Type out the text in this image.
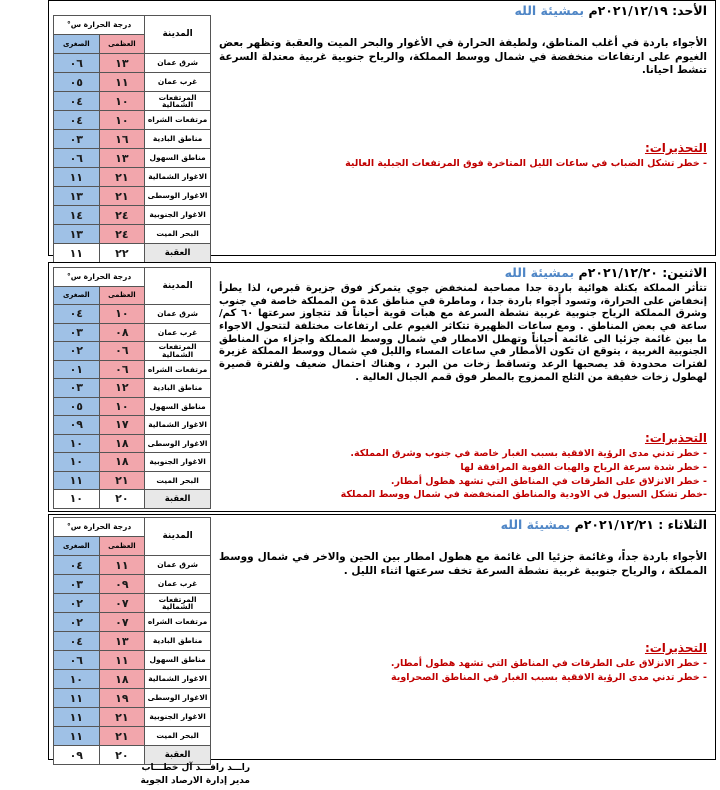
المدينة	درجة الحرارة س°	
	العظمى	الصغرى
شرق عمان	١٣	٠٦
غرب عمان	١١	٠٥
المرتفعات الشمالية	١٠	٠٤
مرتفعات الشراه	١٠	٠٤
مناطق البادية	١٦	٠٣
مناطق السهول	١٣	٠٦
الاغوار الشمالية	٢١	١١
الاغوار الوسطى	٢١	١٣
الاغوار الجنوبية	٢٤	١٤
البحر الميت	٢٤	١٣
العقبة	٢٢	١١
الأحد: ٢٠٢١/١٢/١٩م بمشيئة الله
الأجواء باردة في أغلب المناطق، ولطيفة الحرارة في الأغوار والبحر الميت والعقبة وتظهر بعض الغيوم على ارتفاعات منخفضة في شمال ووسط المملكة، والرياح جنوبية غربية معتدلة السرعة تنشط احيانا.
التحذيرات:
- خطر تشكل الضباب في ساعات الليل المتاخرة فوق المرتفعات الجبلية العالية
المدينة	درجة الحرارة س°	
	العظمى	الصغرى
شرق عمان	١٠	٠٤
غرب عمان	٠٨	٠٣
المرتفعات الشمالية	٠٦	٠٢
مرتفعات الشراه	٠٦	٠١
مناطق البادية	١٢	٠٣
مناطق السهول	١٠	٠٥
الاغوار الشمالية	١٧	٠٩
الاغوار الوسطى	١٨	١٠
الاغوار الجنوبية	١٨	١٠
البحر الميت	٢١	١١
العقبة	٢٠	١٠
الاثنين: ٢٠٢١/١٢/٢٠م بمشيئة الله
تتأثر المملكة بكتلة هوائية باردة جدا مصاحبة لمنخفض جوي يتمركز فوق جزيرة قبرص، لذا يطرأ إنخفاض على الحرارة، وتسود أجواء باردة جدا ، وماطرة في مناطق عدة من المملكة خاصة في جنوب وشرق المملكة الرياح جنوبية غربية نشطة السرعة مع هبات قوية أحياناً قد تتجاوز سرعتها ٦٠ كم/ساعة في بعض المناطق . ومع ساعات الظهيرة تتكاثر الغيوم على ارتفاعات مختلفة لتتحول الاجواء ما بين غائمة جزئيا الى غائمة أحياناً وتهطل الامطار في شمال ووسط المملكة واجزاء من المناطق الجنوبية الغربية ، يتوقع ان تكون الأمطار في ساعات المساء والليل في شمال ووسط المملكة غزيرة لفترات محدودة قد يصحبها الرعد وتساقط زخات من البرد ، وهناك احتمال ضعيف ولفترة قصيرة لهطول زخات خفيفة من الثلج الممزوج بالمطر فوق قمم الجبال العالية .
التحذيرات:
- خطر تدني مدى الرؤية الافقية بسبب الغبار خاصة في جنوب وشرق المملكة.
- خطر شدة سرعة الرياح والهبات القوية المرافقة لها
- خطر الانزلاق على الطرقات في المناطق التي تشهد هطول أمطار.
-خطر تشكل السيول في الاودية والمناطق المنخفضة في شمال ووسط المملكة
المدينة	درجة الحرارة س°	
	العظمى	الصغرى
شرق عمان	١١	٠٤
غرب عمان	٠٩	٠٣
المرتفعات الشمالية	٠٧	٠٢
مرتفعات الشراه	٠٧	٠٢
مناطق البادية	١٣	٠٤
مناطق السهول	١١	٠٦
الاغوار الشمالية	١٨	١٠
الاغوار الوسطى	١٩	١١
الاغوار الجنوبية	٢١	١١
البحر الميت	٢١	١١
العقبة	٢٠	٠٩
الثلاثاء : ٢٠٢١/١٢/٢١م بمشيئة الله
الأجواء باردة جداً، وغائمة جزئيا الى غائمة مع هطول امطار بين الحين والاخر في شمال ووسط المملكة ، والرياح جنوبية غربية نشطة السرعة تخف سرعتها اثناء الليل .
التحذيرات:
- خطر الانزلاق على الطرقات في المناطق التي تشهد هطول أمطار.
- خطر تدني مدى الرؤية الافقية بسبب الغبار في المناطق الصحراوية
راـــد رافـــد آل خطـــاب
مدير إدارة الارصاد الجوية
